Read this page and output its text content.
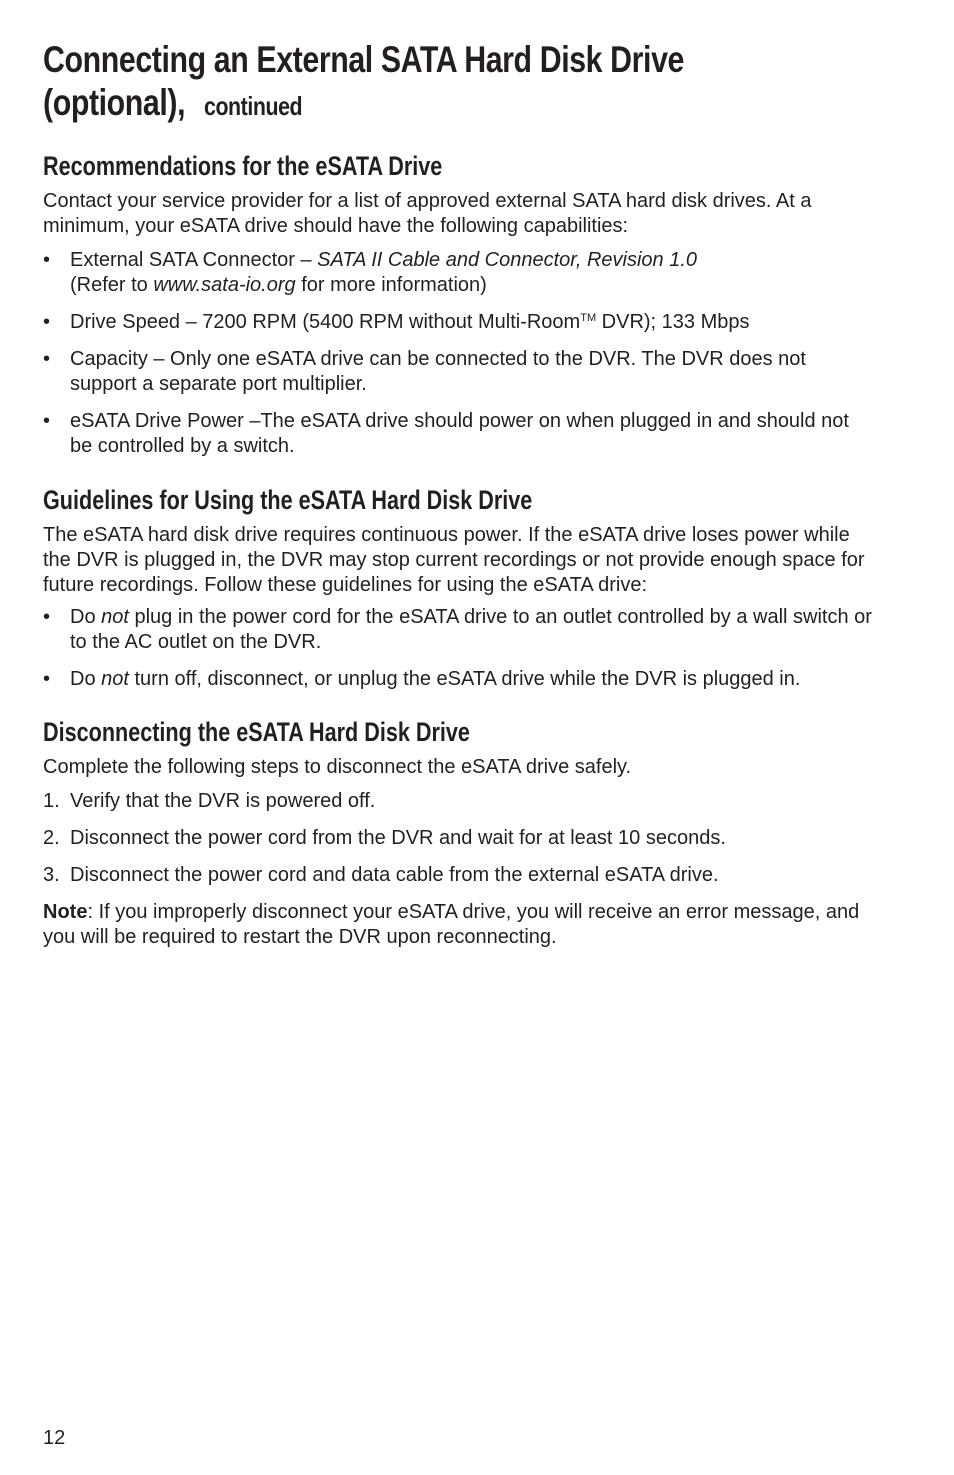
Connecting an External SATA Hard Disk Drive
(optional), continued
Recommendations for the eSATA Drive

Contact your service provider for a list of approved external SATA hard disk drives. At a minimum, your eSATA drive should have the following capabilities:

• External SATA Connector – SATA II Cable and Connector, Revision 1.0
(Refer to www.sata-io.org for more information)
• Drive Speed – 7200 RPM (5400 RPM without Multi-Room™ DVR); 133 Mbps
• Capacity – Only one eSATA drive can be connected to the DVR. The DVR does not support a separate port multiplier.
• eSATA Drive Power –The eSATA drive should power on when plugged in and should not be controlled by a switch.
Guidelines for Using the eSATA Hard Disk Drive

The eSATA hard disk drive requires continuous power. If the eSATA drive loses power while the DVR is plugged in, the DVR may stop current recordings or not provide enough space for future recordings. Follow these guidelines for using the eSATA drive:

• Do not plug in the power cord for the eSATA drive to an outlet controlled by a wall switch or to the AC outlet on the DVR.
• Do not turn off, disconnect, or unplug the eSATA drive while the DVR is plugged in.
Disconnecting the eSATA Hard Disk Drive

Complete the following steps to disconnect the eSATA drive safely.

1. Verify that the DVR is powered off.
2. Disconnect the power cord from the DVR and wait for at least 10 seconds.
3. Disconnect the power cord and data cable from the external eSATA drive.

Note: If you improperly disconnect your eSATA drive, you will receive an error message, and you will be required to restart the DVR upon reconnecting.

12
